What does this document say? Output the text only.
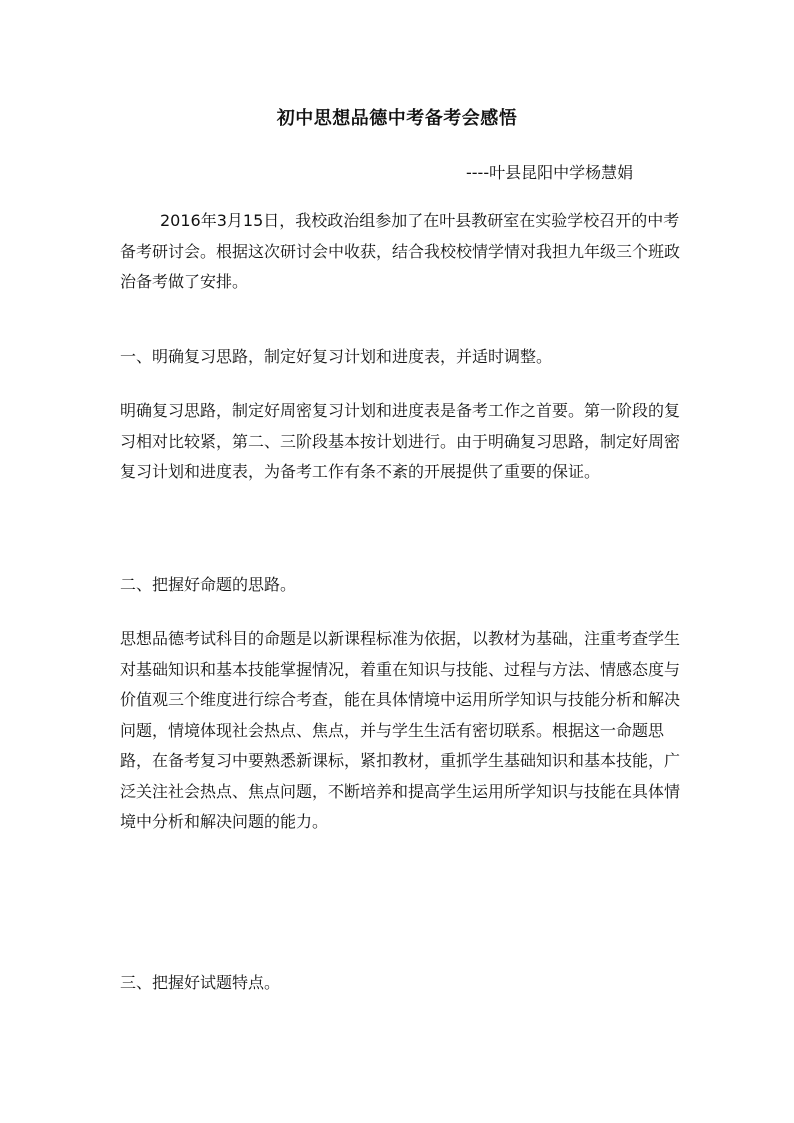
初中思想品德中考备考会感悟
----叶县昆阳中学杨慧娟

2016年3月15日，我校政治组参加了在叶县教研室在实验学校召开的中考备考研讨会。根据这次研讨会中收获，结合我校校情学情对我担九年级三个班政治备考做了安排。

一、明确复习思路，制定好复习计划和进度表，并适时调整。

明确复习思路，制定好周密复习计划和进度表是备考工作之首要。第一阶段的复习相对比较紧，第二、三阶段基本按计划进行。由于明确复习思路，制定好周密复习计划和进度表，为备考工作有条不紊的开展提供了重要的保证。

二、把握好命题的思路。

思想品德考试科目的命题是以新课程标准为依据，以教材为基础，注重考查学生对基础知识和基本技能掌握情况，着重在知识与技能、过程与方法、情感态度与价值观三个维度进行综合考查，能在具体情境中运用所学知识与技能分析和解决问题，情境体现社会热点、焦点，并与学生生活有密切联系。根据这一命题思路，在备考复习中要熟悉新课标，紧扣教材，重抓学生基础知识和基本技能，广泛关注社会热点、焦点问题，不断培养和提高学生运用所学知识与技能在具体情境中分析和解决问题的能力。

三、把握好试题特点。
